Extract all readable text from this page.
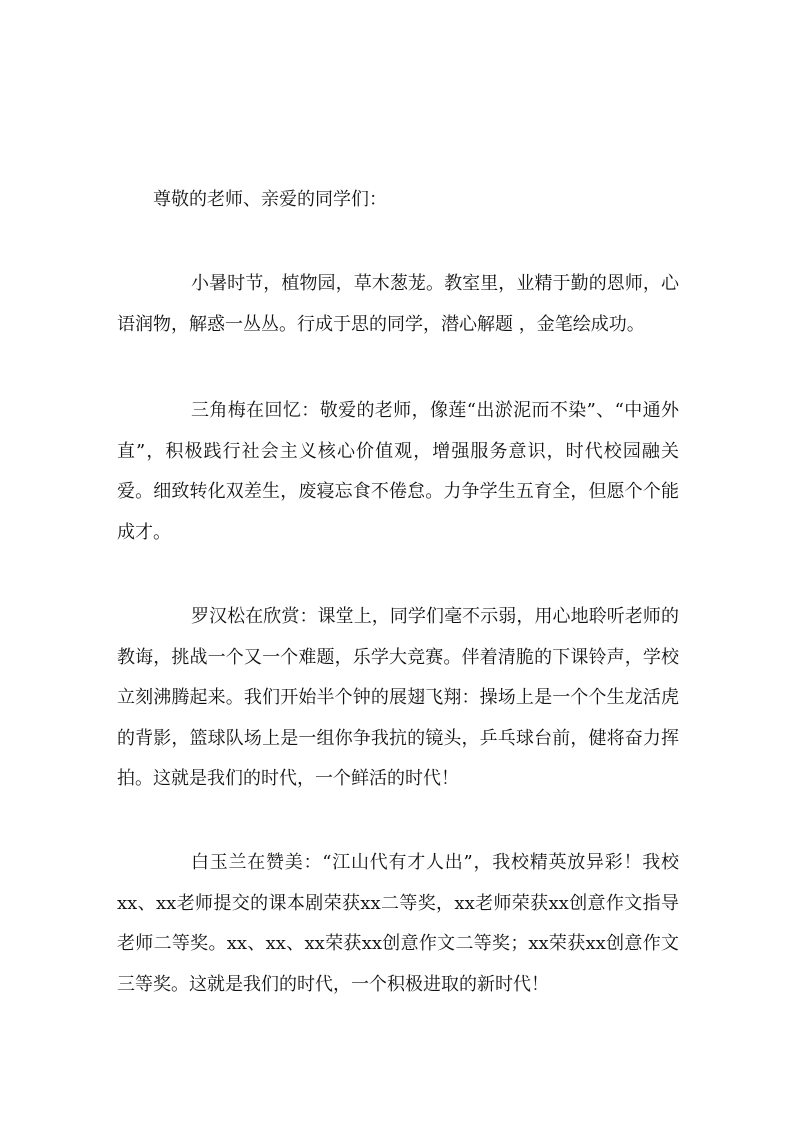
尊敬的老师、亲爱的同学们：

小暑时节，植物园，草木葱茏。教室里，业精于勤的恩师，心语润物，解惑一丛丛。行成于思的同学，潜心解题 ，金笔绘成功。

三角梅在回忆：敬爱的老师，像莲“出淤泥而不染”、“中通外直”，积极践行社会主义核心价值观，增强服务意识，时代校园融关爱。细致转化双差生，废寝忘食不倦怠。力争学生五育全，但愿个个能成才。

罗汉松在欣赏：课堂上，同学们毫不示弱，用心地聆听老师的教诲，挑战一个又一个难题，乐学大竞赛。伴着清脆的下课铃声，学校立刻沸腾起来。我们开始半个钟的展翅飞翔：操场上是一个个生龙活虎的背影，篮球队场上是一组你争我抗的镜头，乒乓球台前，健将奋力挥拍。这就是我们的时代，一个鲜活的时代！

白玉兰在赞美：“江山代有才人出”，我校精英放异彩！我校xx、xx老师提交的课本剧荣获xx二等奖，xx老师荣获xx创意作文指导老师二等奖。xx、xx、xx荣获xx创意作文二等奖；xx荣获xx创意作文三等奖。这就是我们的时代，一个积极进取的新时代！
